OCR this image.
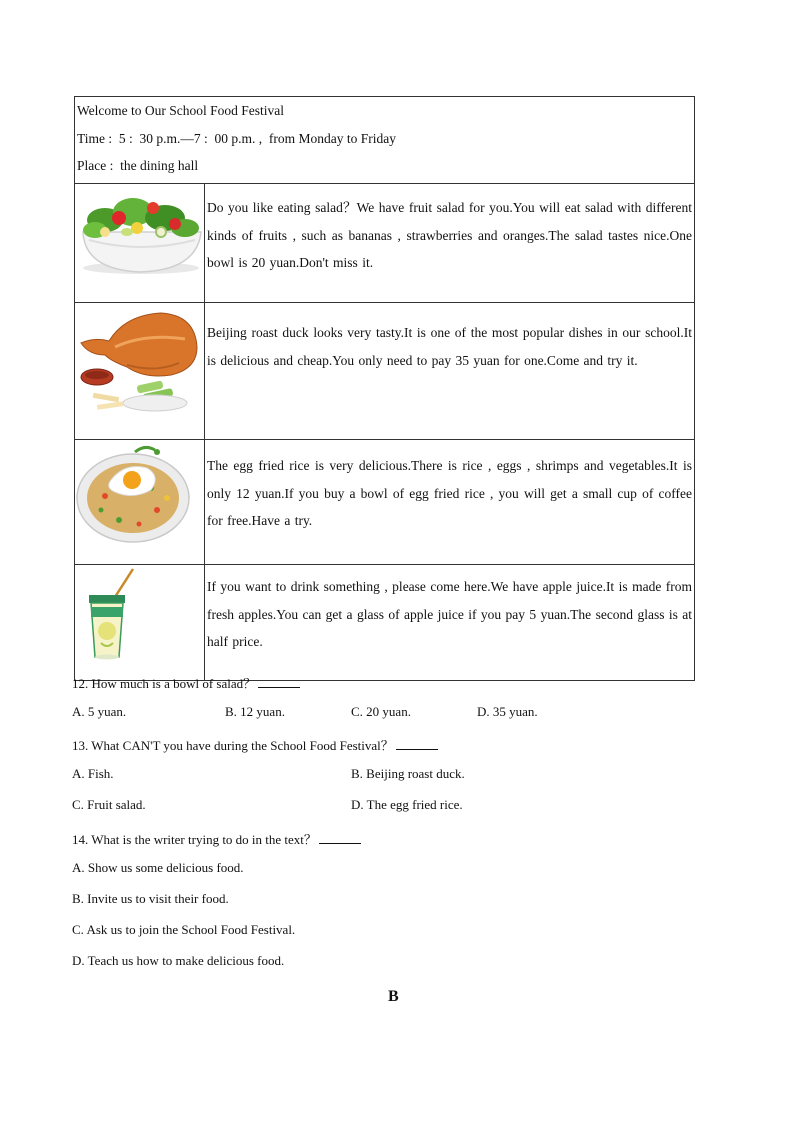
Welcome to Our School Food Festival
Time :  5 :  30 p.m.—7 :  00 p.m. ,  from Monday to Friday
Place :  the dining hall	

	Do you like eating salad？We have fruit salad for you.You will eat salad with different kinds of fruits , such as bananas , strawberries and oranges.The salad tastes nice.One bowl is 20 yuan.Don't miss it.

	Beijing roast duck looks very tasty.It is one of the most popular dishes in our school.It is delicious and cheap.You only need to pay 35 yuan for one.Come and try it.

	The egg fried rice is very delicious.There is rice , eggs , shrimps and vegetables.It is only 12 yuan.If you buy a bowl of egg fried rice , you will get a small cup of coffee for free.Have a try.

	If you want to drink something , please come here.We have apple juice.It is made from fresh apples.You can get a glass of apple juice if you pay 5 yuan.The second glass is at half price.
12. How much is a bowl of salad？
A. 5 yuan.	B. 12 yuan.	C. 20 yuan.	D. 35 yuan.
13. What CAN'T you have during the School Food Festival？
A. Fish.	B. Beijing roast duck.
C. Fruit salad.	D. The egg fried rice.
14. What is the writer trying to do in the text？
A. Show us some delicious food.
B. Invite us to visit their food.
C. Ask us to join the School Food Festival.
D. Teach us how to make delicious food.
B
